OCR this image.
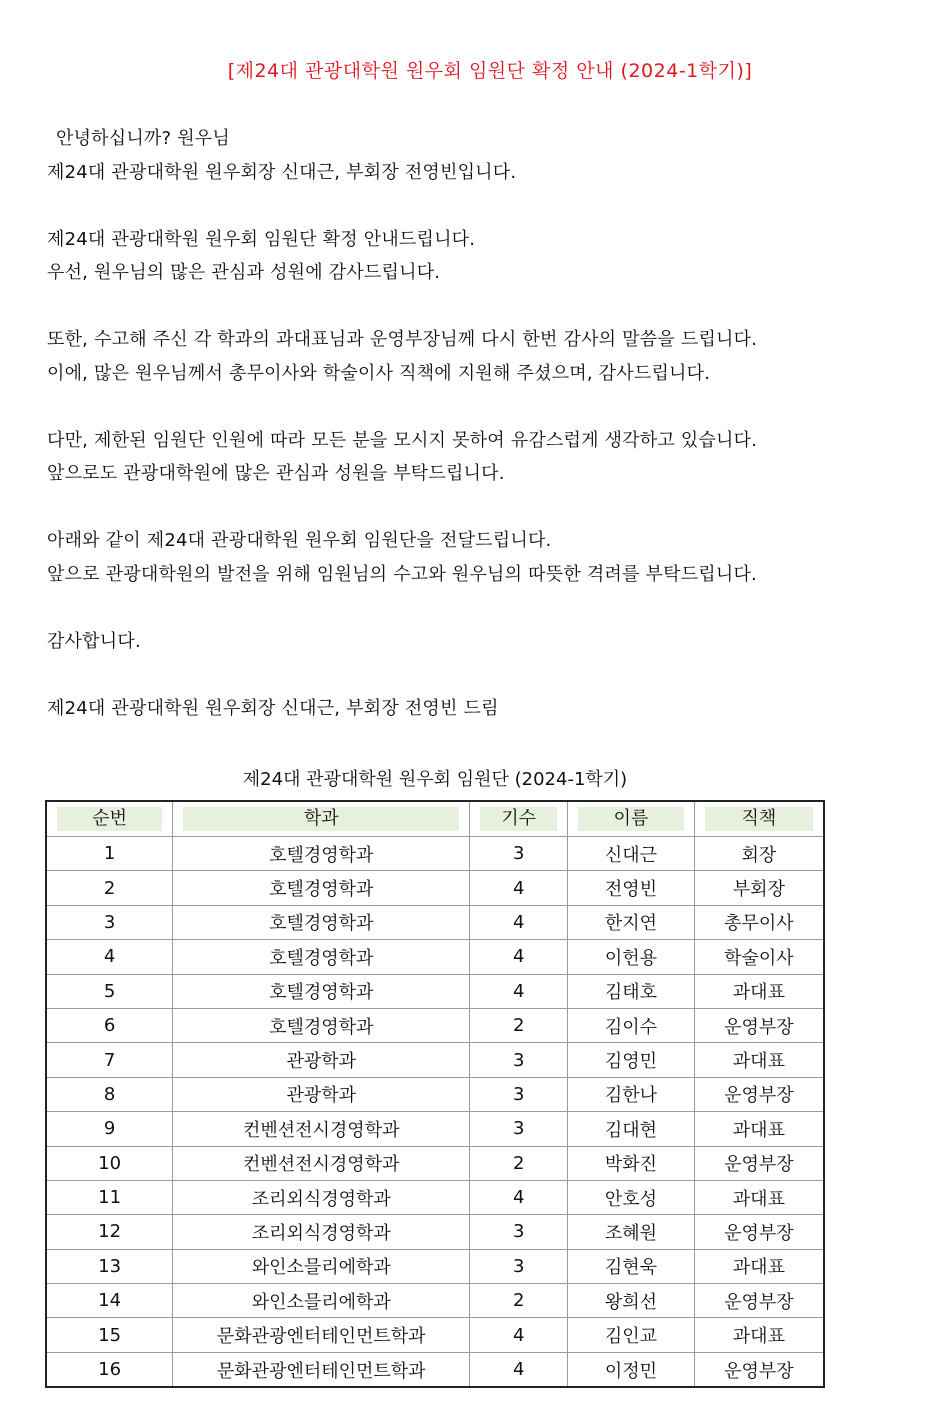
[제24대 관광대학원 원우회 임원단 확정 안내 (2024-1학기)]
안녕하십니까? 원우님
제24대 관광대학원 원우회장 신대근, 부회장 전영빈입니다.
제24대 관광대학원 원우회 임원단 확정 안내드립니다.
우선, 원우님의 많은 관심과 성원에 감사드립니다.
또한, 수고해 주신 각 학과의 과대표님과 운영부장님께 다시 한번 감사의 말씀을 드립니다.
이에, 많은 원우님께서 총무이사와 학술이사 직책에 지원해 주셨으며, 감사드립니다.
다만, 제한된 임원단 인원에 따라 모든 분을 모시지 못하여 유감스럽게 생각하고 있습니다.
앞으로도 관광대학원에 많은 관심과 성원을 부탁드립니다.
아래와 같이 제24대 관광대학원 원우회 임원단을 전달드립니다.
앞으로 관광대학원의 발전을 위해 임원님의 수고와 원우님의 따뜻한 격려를 부탁드립니다.
감사합니다.
제24대 관광대학원 원우회장 신대근, 부회장 전영빈 드림
제24대 관광대학원 원우회 임원단 (2024-1학기)
순번	학과	기수	이름	직책

1	호텔경영학과	3	신대근	회장
2	호텔경영학과	4	전영빈	부회장
3	호텔경영학과	4	한지연	총무이사
4	호텔경영학과	4	이헌용	학술이사
5	호텔경영학과	4	김태호	과대표
6	호텔경영학과	2	김이수	운영부장
7	관광학과	3	김영민	과대표
8	관광학과	3	김한나	운영부장
9	컨벤션전시경영학과	3	김대현	과대표
10	컨벤션전시경영학과	2	박화진	운영부장
11	조리외식경영학과	4	안호성	과대표
12	조리외식경영학과	3	조혜원	운영부장
13	와인소믈리에학과	3	김현욱	과대표
14	와인소믈리에학과	2	왕희선	운영부장
15	문화관광엔터테인먼트학과	4	김인교	과대표
16	문화관광엔터테인먼트학과	4	이정민	운영부장
